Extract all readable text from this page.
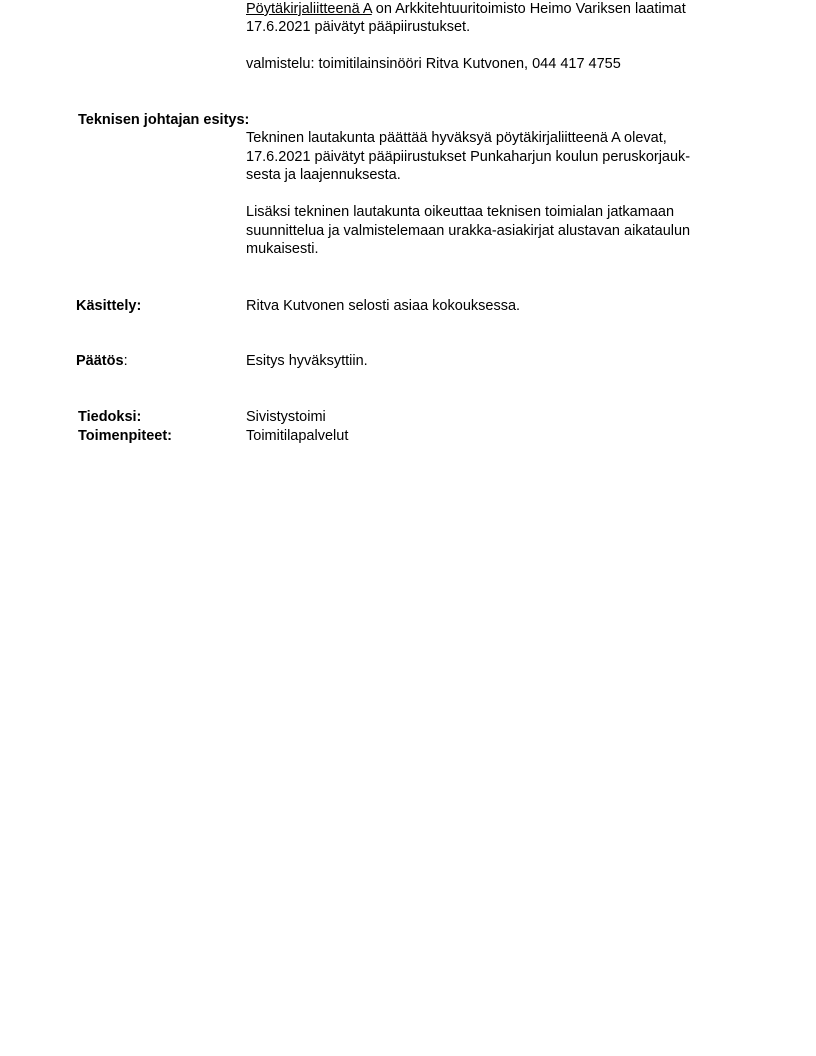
Pöytäkirjaliitteenä A on Arkkitehtuuritoimisto Heimo Variksen laatimat

17.6.2021 päivätyt pääpiirustukset.

valmistelu: toimitilainsinööri Ritva Kutvonen, 044 417 4755

Teknisen johtajan esitys:

Tekninen lautakunta päättää hyväksyä pöytäkirjaliitteenä A olevat,

17.6.2021 päivätyt pääpiirustukset Punkaharjun koulun peruskorjauk-

sesta ja laajennuksesta.

Lisäksi tekninen lautakunta oikeuttaa teknisen toimialan jatkamaan

suunnittelua ja valmistelemaan urakka-asiakirjat alustavan aikataulun

mukaisesti.

Käsittely:	Ritva Kutvonen selosti asiaa kokouksessa.

Päätös:	Esitys hyväksyttiin.

Tiedoksi:	Sivistystoimi

Toimenpiteet:	Toimitilapalvelut
